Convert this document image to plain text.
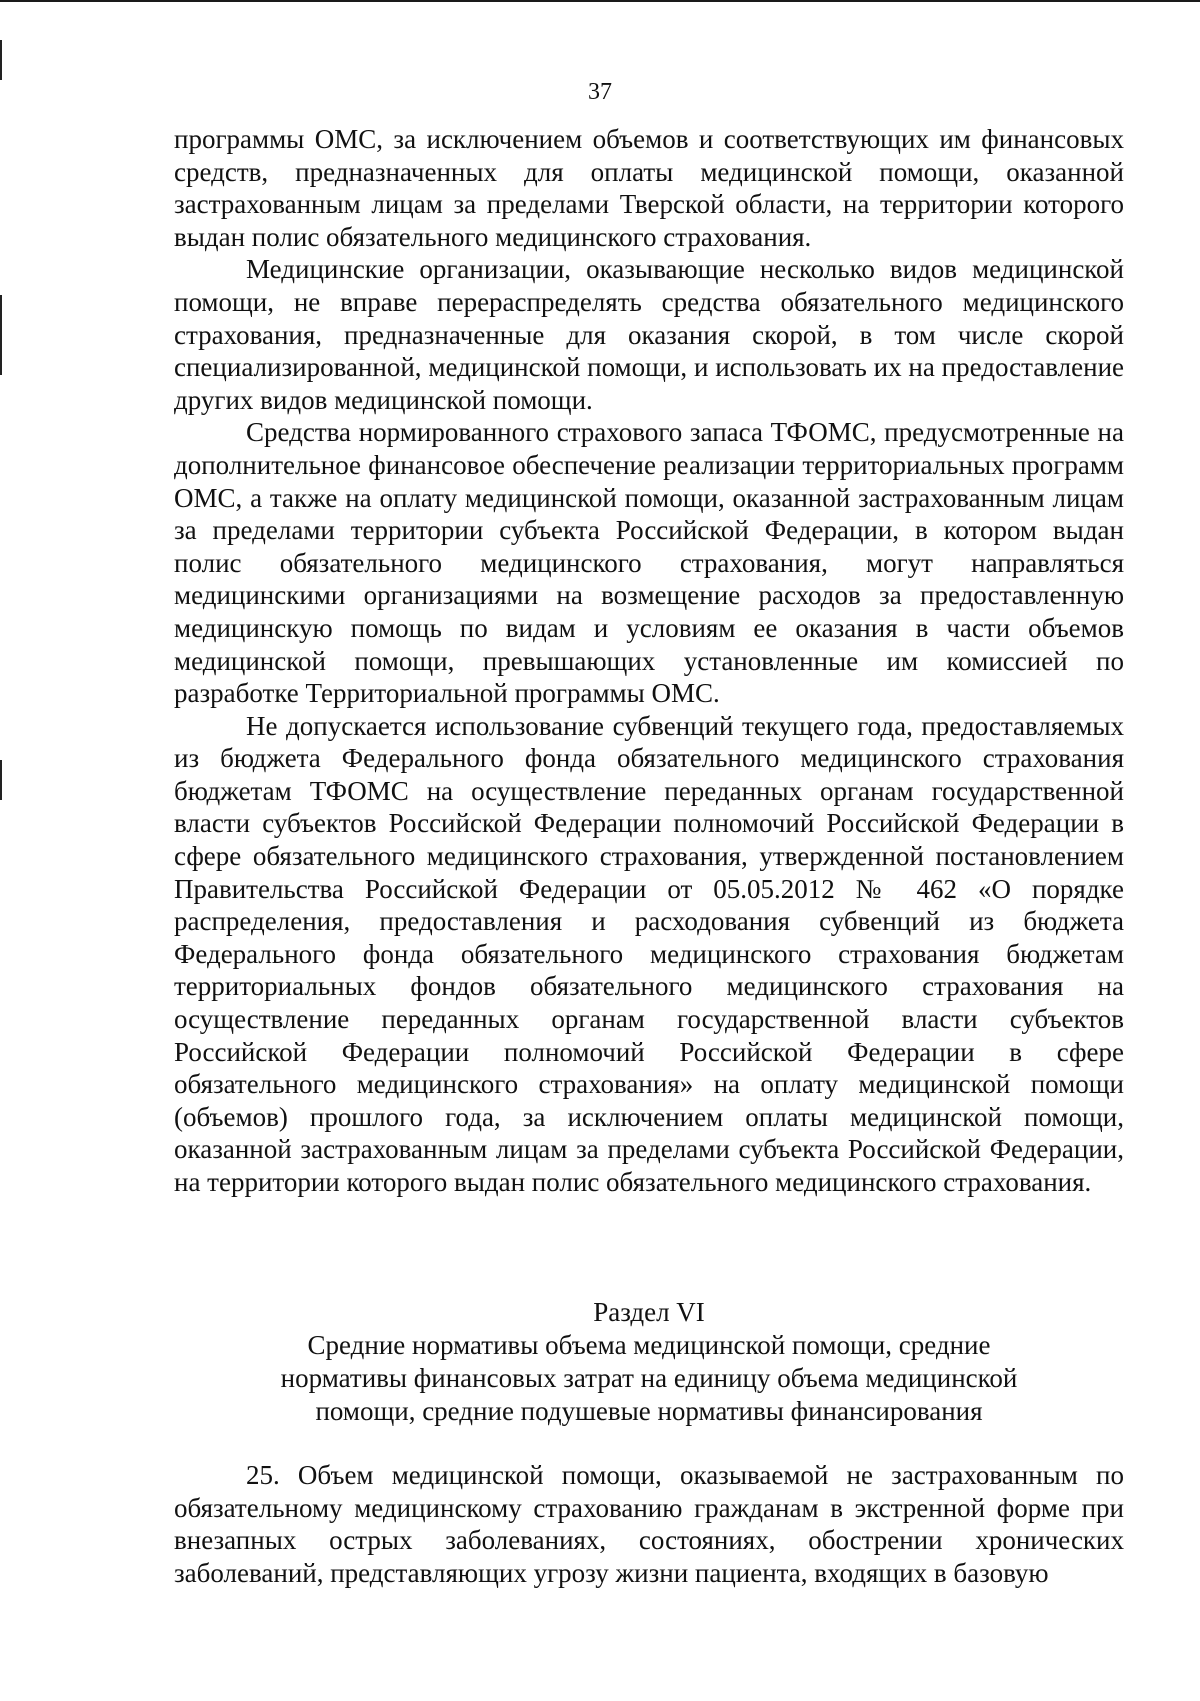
37

программы ОМС, за исключением объемов и соответствующих им финансовых средств, предназначенных для оплаты медицинской помощи, оказанной застрахованным лицам за пределами Тверской области, на территории которого выдан полис обязательного медицинского страхования.

Медицинские организации, оказывающие несколько видов медицинской помощи, не вправе перераспределять средства обязательного медицинского страхования, предназначенные для оказания скорой, в том числе скорой специализированной, медицинской помощи, и использовать их на предоставление других видов медицинской помощи.

Средства нормированного страхового запаса ТФОМС, предусмотренные на дополнительное финансовое обеспечение реализации территориальных программ ОМС, а также на оплату медицинской помощи, оказанной застрахованным лицам за пределами территории субъекта Российской Федерации, в котором выдан полис обязательного медицинского страхования, могут направляться медицинскими организациями на возмещение расходов за предоставленную медицинскую помощь по видам и условиям ее оказания в части объемов медицинской помощи, превышающих установленные им комиссией по разработке Территориальной программы ОМС.

Не допускается использование субвенций текущего года, предоставляемых из бюджета Федерального фонда обязательного медицинского страхования бюджетам ТФОМС на осуществление переданных органам государственной власти субъектов Российской Федерации полномочий Российской Федерации в сфере обязательного медицинского страхования, утвержденной постановлением Правительства Российской Федерации от 05.05.2012 № 462 «О порядке распределения, предоставления и расходования субвенций из бюджета Федерального фонда обязательного медицинского страхования бюджетам территориальных фондов обязательного медицинского страхования на осуществление переданных органам государственной власти субъектов Российской Федерации полномочий Российской Федерации в сфере обязательного медицинского страхования» на оплату медицинской помощи (объемов) прошлого года, за исключением оплаты медицинской помощи, оказанной застрахованным лицам за пределами субъекта Российской Федерации, на территории которого выдан полис обязательного медицинского страхования.

Раздел VI
Средние нормативы объема медицинской помощи, средние
нормативы финансовых затрат на единицу объема медицинской
помощи, средние подушевые нормативы финансирования

25. Объем медицинской помощи, оказываемой не застрахованным по обязательному медицинскому страхованию гражданам в экстренной форме при внезапных острых заболеваниях, состояниях, обострении хронических заболеваний, представляющих угрозу жизни пациента, входящих в базовую
